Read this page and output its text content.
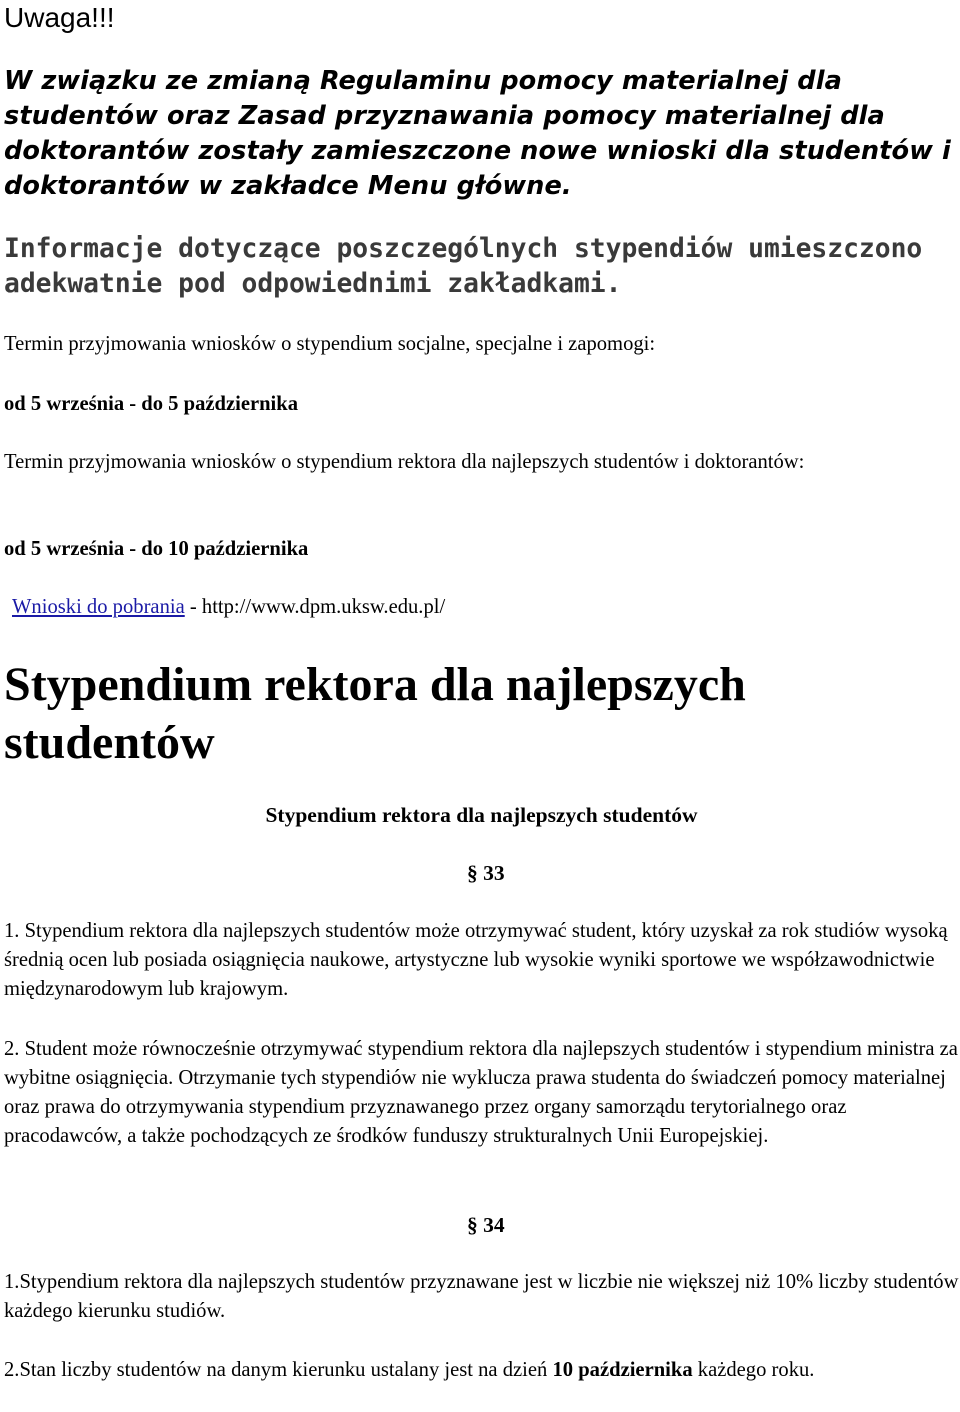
Uwaga!!!

W związku ze zmianą Regulaminu pomocy materialnej dla studentów oraz Zasad przyznawania pomocy materialnej dla doktorantów zostały zamieszczone nowe wnioski dla studentów i doktorantów w zakładce Menu główne.

Informacje dotyczące poszczególnych stypendiów umieszczono adekwatnie pod odpowiednimi zakładkami.

Termin przyjmowania wniosków o stypendium socjalne, specjalne i zapomogi:

od 5 września - do 5 października

Termin przyjmowania wniosków o stypendium rektora dla najlepszych studentów i doktorantów:

od 5 września - do 10 października

Wnioski do pobrania - http://www.dpm.uksw.edu.pl/

Stypendium rektora dla najlepszych studentów
Stypendium rektora dla najlepszych studentów

§ 33

1. Stypendium rektora dla najlepszych studentów może otrzymywać student, który uzyskał za rok studiów wysoką średnią ocen lub posiada osiągnięcia naukowe, artystyczne lub wysokie wyniki sportowe we współzawodnictwie międzynarodowym lub krajowym.

2. Student może równocześnie otrzymywać stypendium rektora dla najlepszych studentów i stypendium ministra za wybitne osiągnięcia. Otrzymanie tych stypendiów nie wyklucza prawa studenta do świadczeń pomocy materialnej oraz prawa do otrzymywania stypendium przyznawanego przez organy samorządu terytorialnego oraz pracodawców, a także pochodzących ze środków funduszy strukturalnych Unii Europejskiej.

§ 34

1.Stypendium rektora dla najlepszych studentów przyznawane jest w liczbie nie większej niż 10% liczby studentów każdego kierunku studiów.

2.Stan liczby studentów na danym kierunku ustalany jest na dzień 10 października każdego roku.
